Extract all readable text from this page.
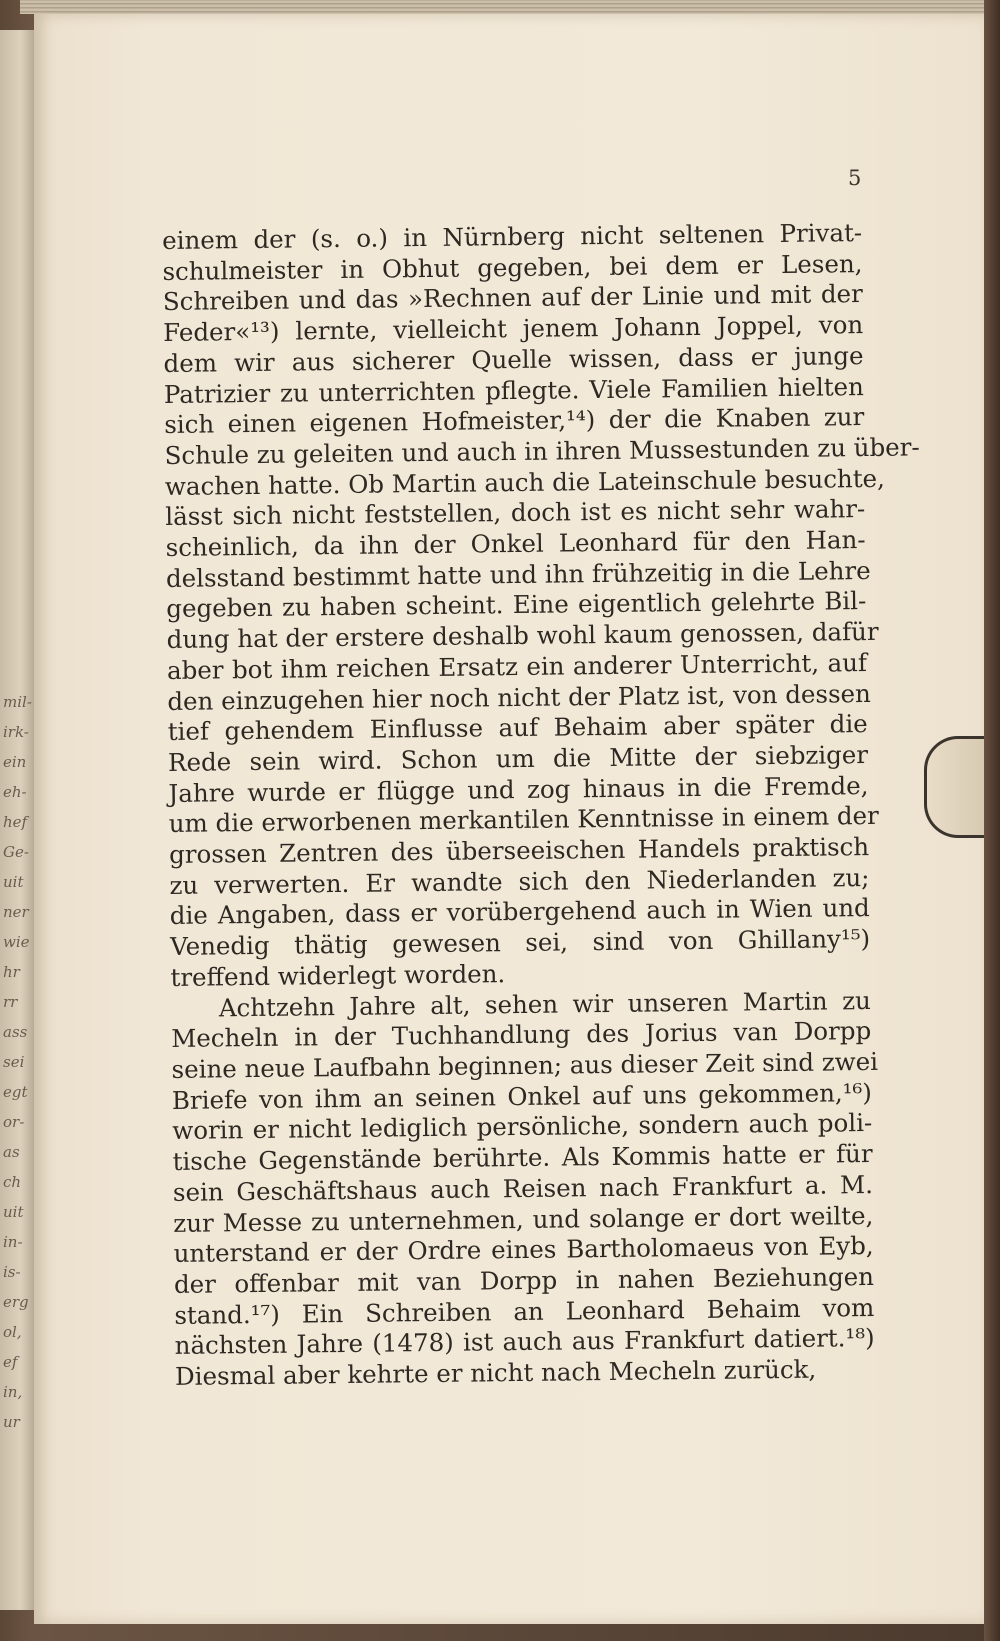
mil-
irk-
ein
eh-
hef
Ge-
uit
ner
wie
hr
rr
ass
sei
egt
or-
as
ch
uit
in-
is-
erg
ol,
ef
in,
ur
5
einem der (s. o.) in Nürnberg nicht seltenen Privat-
schulmeister in Obhut gegeben, bei dem er Lesen,
Schreiben und das »Rechnen auf der Linie und mit der
Feder«¹³) lernte, vielleicht jenem Johann Joppel, von
dem wir aus sicherer Quelle wissen, dass er junge
Patrizier zu unterrichten pflegte. Viele Familien hielten
sich einen eigenen Hofmeister,¹⁴) der die Knaben zur
Schule zu geleiten und auch in ihren Mussestunden zu über-
wachen hatte. Ob Martin auch die Lateinschule besuchte,
lässt sich nicht feststellen, doch ist es nicht sehr wahr-
scheinlich, da ihn der Onkel Leonhard für den Han-
delsstand bestimmt hatte und ihn frühzeitig in die Lehre
gegeben zu haben scheint. Eine eigentlich gelehrte Bil-
dung hat der erstere deshalb wohl kaum genossen, dafür
aber bot ihm reichen Ersatz ein anderer Unterricht, auf
den einzugehen hier noch nicht der Platz ist, von dessen
tief gehendem Einflusse auf Behaim aber später die
Rede sein wird. Schon um die Mitte der siebziger
Jahre wurde er flügge und zog hinaus in die Fremde,
um die erworbenen merkantilen Kenntnisse in einem der
grossen Zentren des überseeischen Handels praktisch
zu verwerten. Er wandte sich den Niederlanden zu;
die Angaben, dass er vorübergehend auch in Wien und
Venedig thätig gewesen sei, sind von Ghillany¹⁵)
treffend widerlegt worden.
Achtzehn Jahre alt, sehen wir unseren Martin zu
Mecheln in der Tuchhandlung des Jorius van Dorpp
seine neue Laufbahn beginnen; aus dieser Zeit sind zwei
Briefe von ihm an seinen Onkel auf uns gekommen,¹⁶)
worin er nicht lediglich persönliche, sondern auch poli-
tische Gegenstände berührte. Als Kommis hatte er für
sein Geschäftshaus auch Reisen nach Frankfurt a. M.
zur Messe zu unternehmen, und solange er dort weilte,
unterstand er der Ordre eines Bartholomaeus von Eyb,
der offenbar mit van Dorpp in nahen Beziehungen
stand.¹⁷) Ein Schreiben an Leonhard Behaim vom
nächsten Jahre (1478) ist auch aus Frankfurt datiert.¹⁸)
Diesmal aber kehrte er nicht nach Mecheln zurück,
